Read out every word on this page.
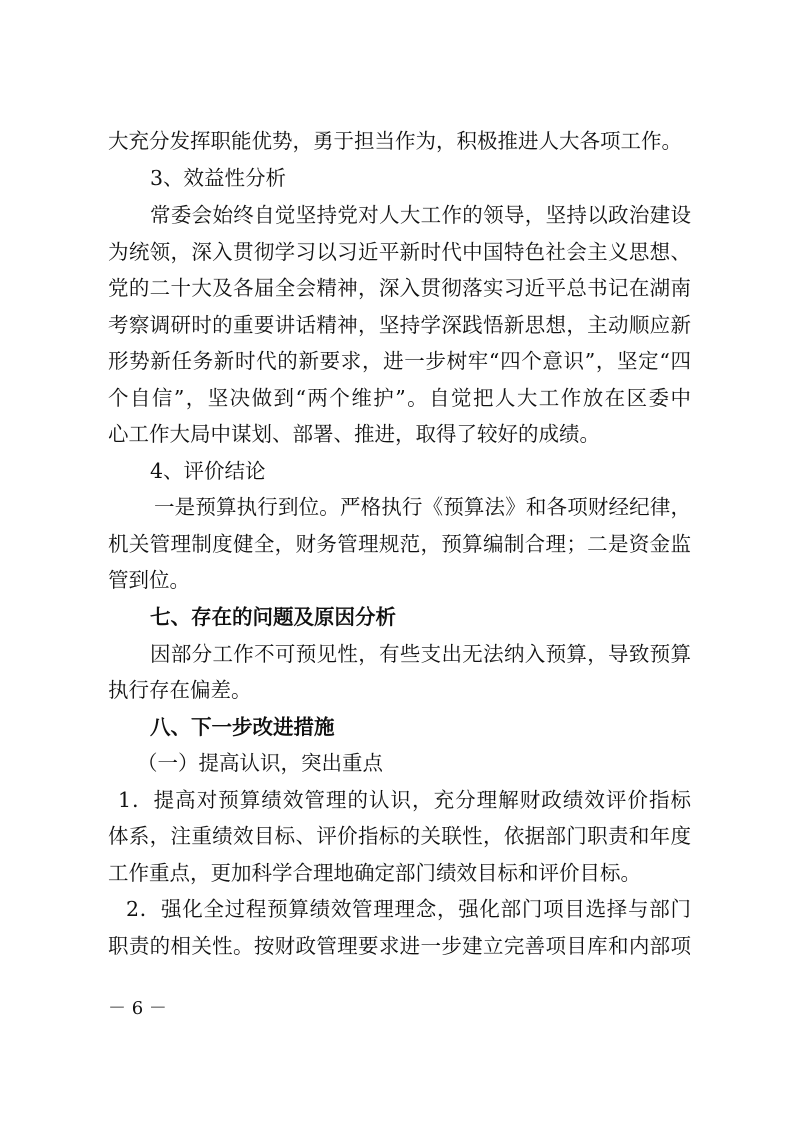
大充分发挥职能优势，勇于担当作为，积极推进人大各项工作。
3、效益性分析
常委会始终自觉坚持党对人大工作的领导，坚持以政治建设
为统领，深入贯彻学习以习近平新时代中国特色社会主义思想、
党的二十大及各届全会精神，深入贯彻落实习近平总书记在湖南
考察调研时的重要讲话精神，坚持学深践悟新思想，主动顺应新
形势新任务新时代的新要求，进一步树牢“四个意识”，坚定“四
个自信”，坚决做到“两个维护”。自觉把人大工作放在区委中
心工作大局中谋划、部署、推进，取得了较好的成绩。
4、评价结论
一是预算执行到位。严格执行《预算法》和各项财经纪律，
机关管理制度健全，财务管理规范，预算编制合理；二是资金监
管到位。
七、存在的问题及原因分析
因部分工作不可预见性，有些支出无法纳入预算，导致预算
执行存在偏差。
八、下一步改进措施
（一）提高认识，突出重点
1．提高对预算绩效管理的认识，充分理解财政绩效评价指标
体系，注重绩效目标、评价指标的关联性，依据部门职责和年度
工作重点，更加科学合理地确定部门绩效目标和评价目标。
2．强化全过程预算绩效管理理念，强化部门项目选择与部门
职责的相关性。按财政管理要求进一步建立完善项目库和内部项
－ 6 －
